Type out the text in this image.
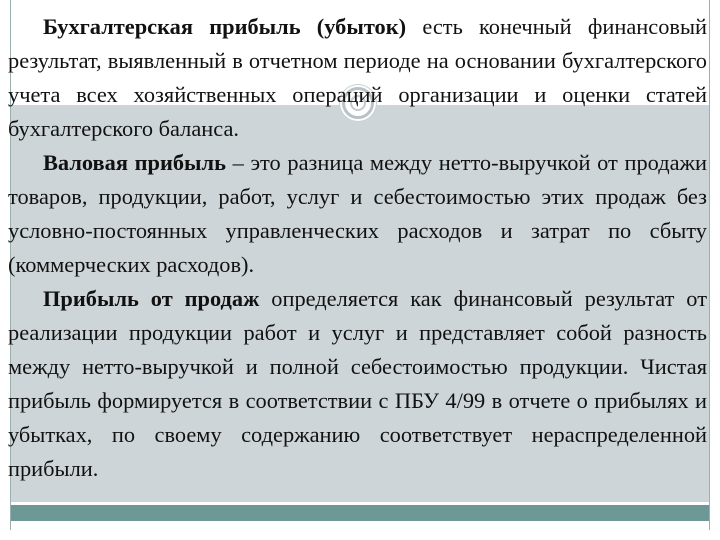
Бухгалтерская прибыль (убыток) есть конечный финансовый результат, выявленный в отчетном периоде на основании бухгалтерского учета всех хозяйственных операций организации и оценки статей бухгалтерского баланса.

Валовая прибыль – это разница между нетто-выручкой от продажи товаров, продукции, работ, услуг и себестоимостью этих продаж без условно-постоянных управленческих расходов и затрат по сбыту (коммерческих расходов).

Прибыль от продаж определяется как финансовый результат от реализации продукции работ и услуг и представляет собой разность между нетто-выручкой и полной себестоимостью продукции. Чистая прибыль формируется в соответствии с ПБУ 4/99 в отчете о прибылях и убытках, по своему содержанию соответствует нераспределенной прибыли.
